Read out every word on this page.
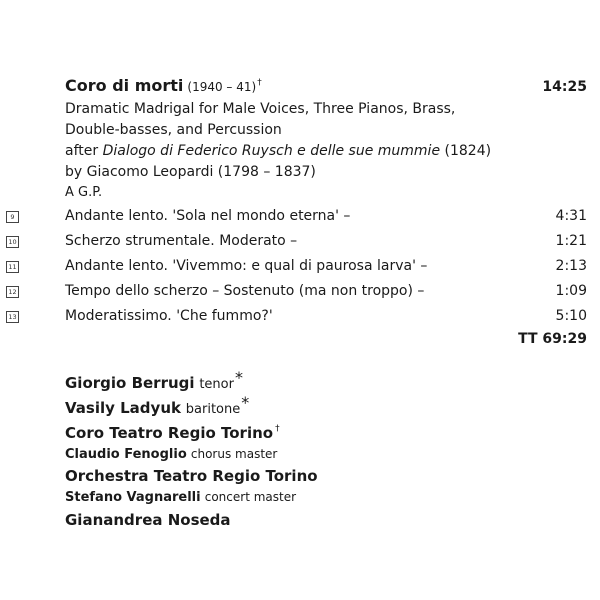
Coro di morti (1940 – 41)†	14:25
Dramatic Madrigal for Male Voices, Three Pianos, Brass,
Double-basses, and Percussion
after Dialogo di Federico Ruysch e delle sue mummie (1824)
by Giacomo Leopardi (1798 – 1837)
A G.P.
9	Andante lento. 'Sola nel mondo eterna' –	4:31
10	Scherzo strumentale. Moderato –	1:21
11	Andante lento. 'Vivemmo: e qual di paurosa larva' –	2:13
12	Tempo dello scherzo – Sostenuto (ma non troppo) –	1:09
13	Moderatissimo. 'Che fummo?'	5:10
TT 69:29
Giorgio Berrugi tenor*
Vasily Ladyuk baritone*
Coro Teatro Regio Torino †
Claudio Fenoglio chorus master
Orchestra Teatro Regio Torino
Stefano Vagnarelli concert master
Gianandrea Noseda
